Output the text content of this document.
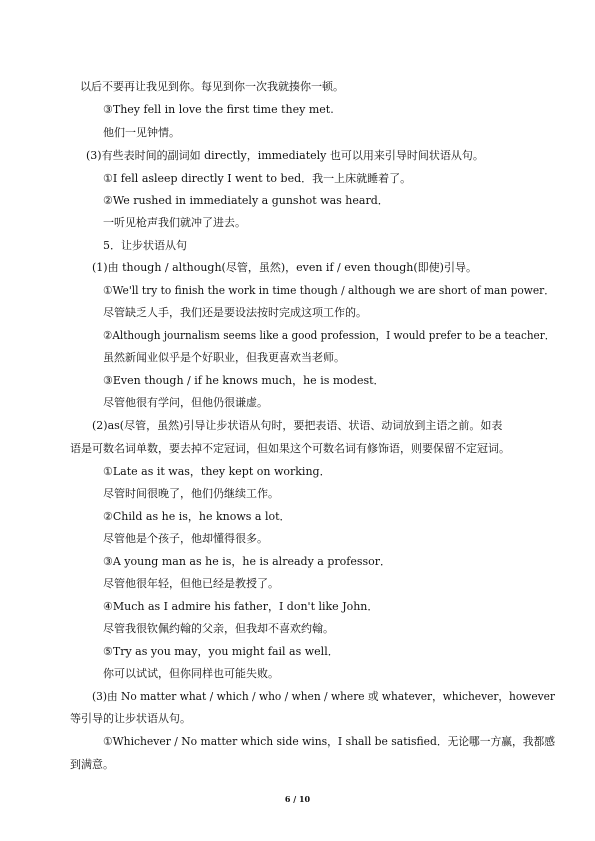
以后不要再让我见到你。每见到你一次我就揍你一顿。
③They fell in love the first time they met.
他们一见钟情。
(3)有些表时间的副词如 directly，immediately 也可以用来引导时间状语从句。
①I fell asleep directly I went to bed．我一上床就睡着了。
②We rushed in immediately a gunshot was heard．
一听见枪声我们就冲了进去。
5．让步状语从句
(1)由 though / although(尽管，虽然)，even if / even though(即使)引导。
①We'll try to finish the work in time though / although we are short of man power．
尽管缺乏人手，我们还是要设法按时完成这项工作的。
②Although journalism seems like a good profession，I would prefer to be a teacher．
虽然新闻业似乎是个好职业，但我更喜欢当老师。
③Even though / if he knows much，he is modest．
尽管他很有学问，但他仍很谦虚。
(2)as(尽管，虽然)引导让步状语从句时，要把表语、状语、动词放到主语之前。如表
语是可数名词单数，要去掉不定冠词，但如果这个可数名词有修饰语，则要保留不定冠词。
①Late as it was，they kept on working．
尽管时间很晚了，他们仍继续工作。
②Child as he is，he knows a lot．
尽管他是个孩子，他却懂得很多。
③A young man as he is，he is already a professor．
尽管他很年轻，但他已经是教授了。
④Much as I admire his father，I don't like John．
尽管我很钦佩约翰的父亲，但我却不喜欢约翰。
⑤Try as you may，you might fail as well．
你可以试试，但你同样也可能失败。
(3)由 No matter what / which / who / when / where 或 whatever，whichever，however
等引导的让步状语从句。
①Whichever / No matter which side wins，I shall be satisfied．无论哪一方赢，我都感
到满意。
6 / 10
